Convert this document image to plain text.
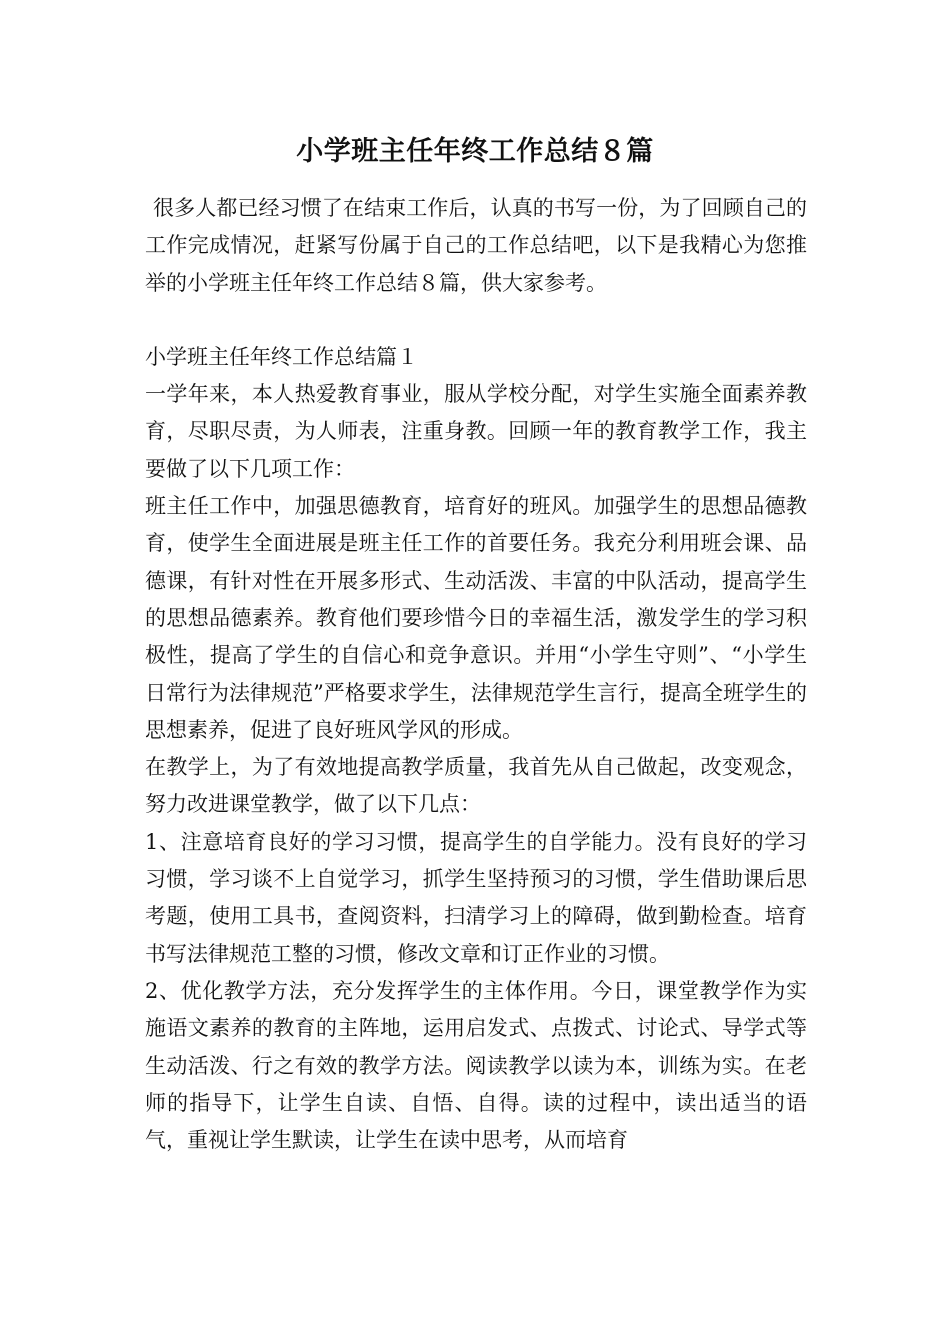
小学班主任年终工作总结８篇

很多人都已经习惯了在结束工作后，认真的书写一份，为了回顾自己的工作完成情况，赶紧写份属于自己的工作总结吧，以下是我精心为您推举的小学班主任年终工作总结８篇，供大家参考。

小学班主任年终工作总结篇１

一学年来，本人热爱教育事业，服从学校分配，对学生实施全面素养教育，尽职尽责，为人师表，注重身教。回顾一年的教育教学工作，我主要做了以下几项工作：

班主任工作中，加强思德教育，培育好的班风。加强学生的思想品德教育，使学生全面进展是班主任工作的首要任务。我充分利用班会课、品德课，有针对性在开展多形式、生动活泼、丰富的中队活动，提高学生的思想品德素养。教育他们要珍惜今日的幸福生活，激发学生的学习积极性，提高了学生的自信心和竞争意识。并用“小学生守则”、“小学生日常行为法律规范”严格要求学生，法律规范学生言行，提高全班学生的思想素养，促进了良好班风学风的形成。

在教学上，为了有效地提高教学质量，我首先从自己做起，改变观念，努力改进课堂教学，做了以下几点：

1、注意培育良好的学习习惯，提高学生的自学能力。没有良好的学习习惯，学习谈不上自觉学习，抓学生坚持预习的习惯，学生借助课后思考题，使用工具书，查阅资料，扫清学习上的障碍，做到勤检查。培育书写法律规范工整的习惯，修改文章和订正作业的习惯。

2、优化教学方法，充分发挥学生的主体作用。今日，课堂教学作为实施语文素养的教育的主阵地，运用启发式、点拨式、讨论式、导学式等生动活泼、行之有效的教学方法。阅读教学以读为本，训练为实。在老师的指导下，让学生自读、自悟、自得。读的过程中，读出适当的语气，重视让学生默读，让学生在读中思考，从而培育
